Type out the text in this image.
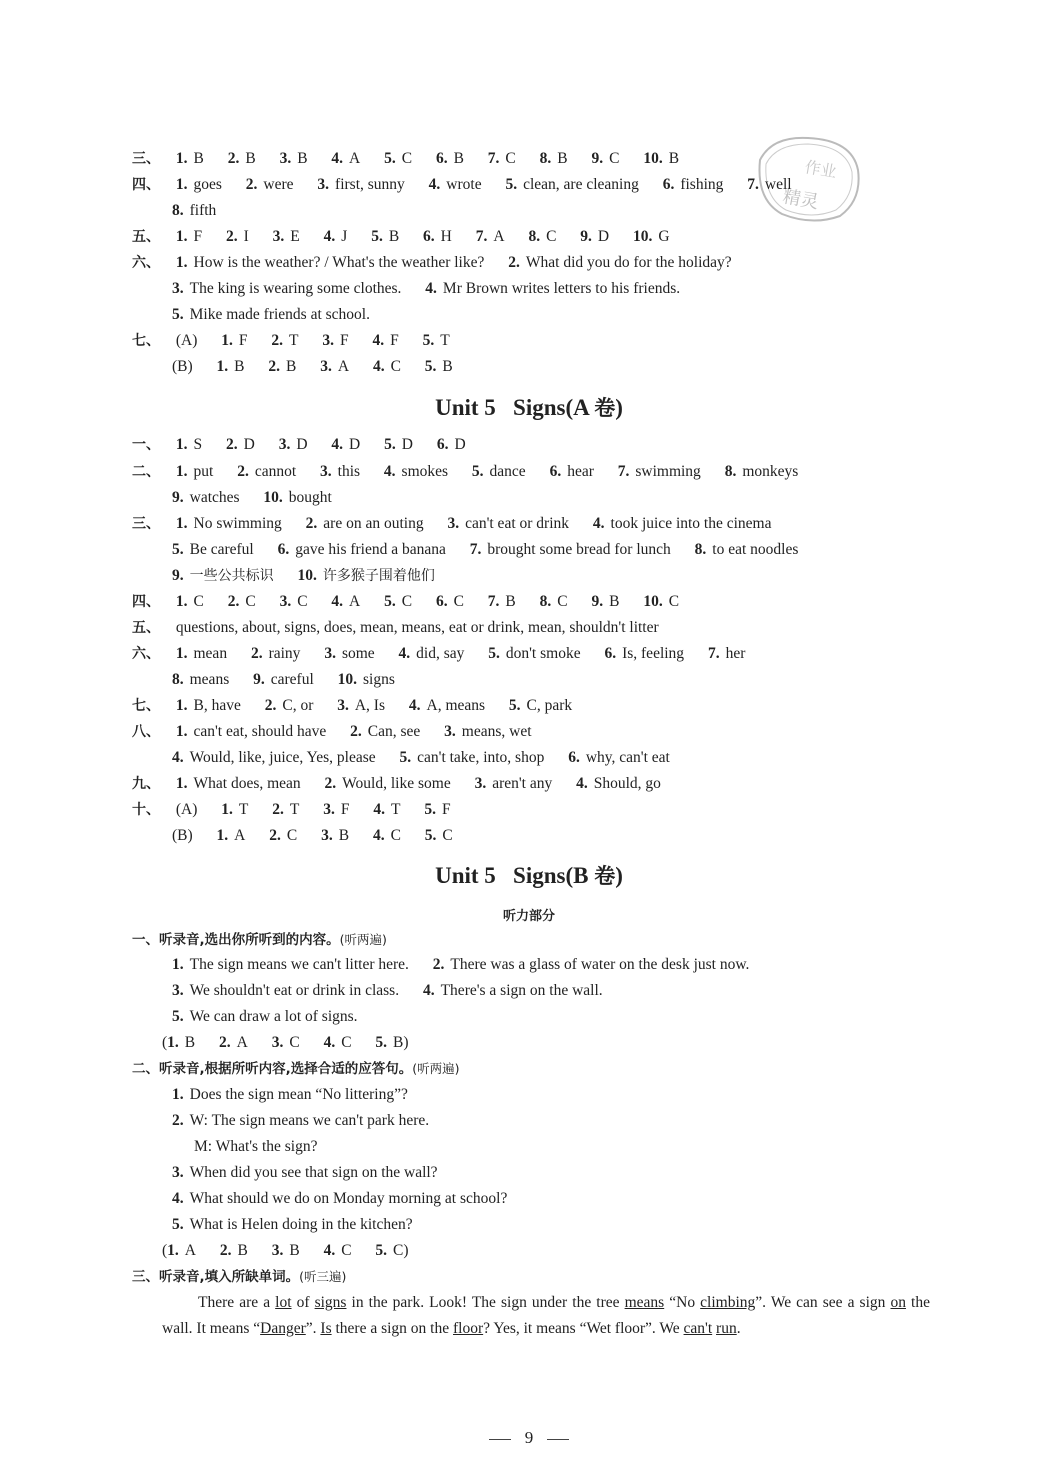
作业
精灵
三、 1. B 2. B 3. B 4. A 5. C 6. B 7. C 8. B 9. C 10. B
四、 1. goes 2. were 3. first, sunny 4. wrote 5. clean, are cleaning 6. fishing 7. well
8. fifth
五、 1. F 2. I 3. E 4. J 5. B 6. H 7. A 8. C 9. D 10. G
六、 1. How is the weather? / What's the weather like? 2. What did you do for the holiday?
3. The king is wearing some clothes. 4. Mr Brown writes letters to his friends.
5. Mike made friends at school.
七、 (A) 1. F 2. T 3. F 4. F 5. T
(B) 1. B 2. B 3. A 4. C 5. B
Unit 5   Signs(A 卷)
一、 1. S 2. D 3. D 4. D 5. D 6. D
二、 1. put 2. cannot 3. this 4. smokes 5. dance 6. hear 7. swimming 8. monkeys
9. watches 10. bought
三、 1. No swimming 2. are on an outing 3. can't eat or drink 4. took juice into the cinema
5. Be careful 6. gave his friend a banana 7. brought some bread for lunch 8. to eat noodles
9. 一些公共标识 10. 许多猴子围着他们
四、 1. C 2. C 3. C 4. A 5. C 6. C 7. B 8. C 9. B 10. C
五、 questions, about, signs, does, mean, means, eat or drink, mean, shouldn't litter
六、 1. mean 2. rainy 3. some 4. did, say 5. don't smoke 6. Is, feeling 7. her
8. means 9. careful 10. signs
七、 1. B, have 2. C, or 3. A, Is 4. A, means 5. C, park
八、 1. can't eat, should have 2. Can, see 3. means, wet
4. Would, like, juice, Yes, please 5. can't take, into, shop 6. why, can't eat
九、 1. What does, mean 2. Would, like some 3. aren't any 4. Should, go
十、 (A) 1. T 2. T 3. F 4. T 5. F
(B) 1. A 2. C 3. B 4. C 5. C
Unit 5   Signs(B 卷)
听力部分
一、听录音,选出你所听到的内容。(听两遍)
1. The sign means we can't litter here. 2. There was a glass of water on the desk just now.
3. We shouldn't eat or drink in class. 4. There's a sign on the wall.
5. We can draw a lot of signs.
(1. B 2. A 3. C 4. C 5. B)
二、听录音,根据所听内容,选择合适的应答句。(听两遍)
1. Does the sign mean “No littering”?
2. W: The sign means we can't park here.
M: What's the sign?
3. When did you see that sign on the wall?
4. What should we do on Monday morning at school?
5. What is Helen doing in the kitchen?
(1. A 2. B 3. B 4. C 5. C)
三、听录音,填入所缺单词。(听三遍)
There are a lot of signs in the park. Look! The sign under the tree means “No climbing”. We can see a sign on the wall. It means “Danger”. Is there a sign on the floor? Yes, it means “Wet floor”. We can't run.
9
